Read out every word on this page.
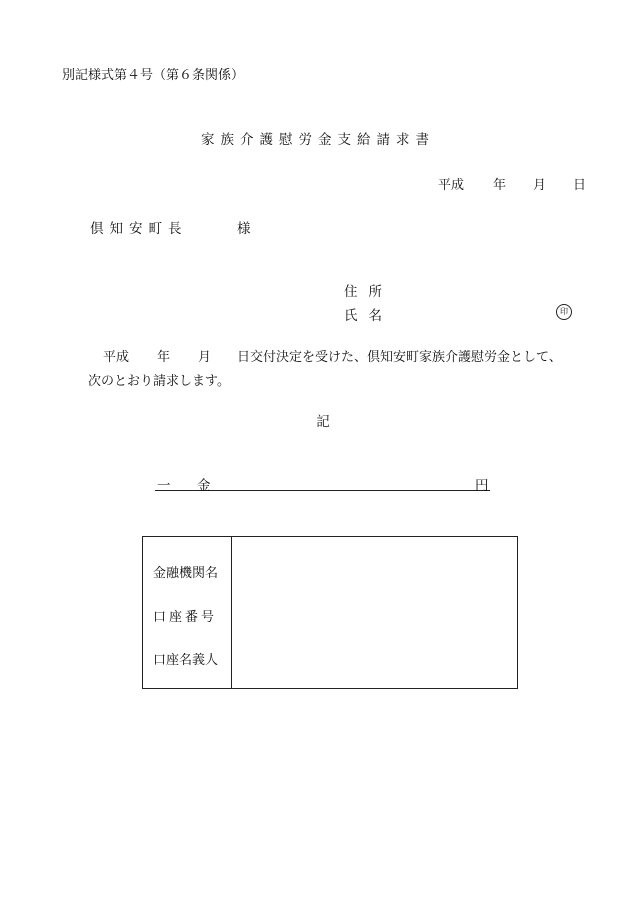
別記様式第４号（第６条関係）
家族介護慰労金支給請求書
平成 年 月 日
倶知安町長	様
住所
氏名	印
平成 年 月 日交付決定を受けた、倶知安町家族介護慰労金として、
次のとおり請求します。
記
一 金	円
金融機関名
口座番号
口座名義人
